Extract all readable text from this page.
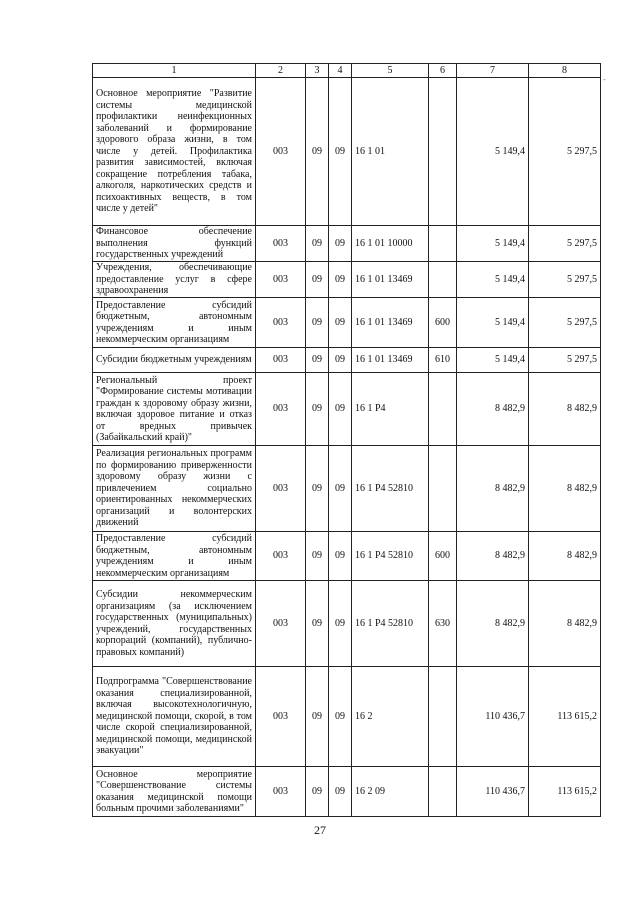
-
1	2	3	4	5	6	7	8
Основное мероприятие "Развитие системы медицинской профилактики неинфекционных заболеваний и формирование здорового образа жизни, в том числе у детей. Профилактика развития зависимостей, включая сокращение потребления табака, алкоголя, наркотических средств и психоактивных веществ, в том числе у детей"	003	09	09	16 1 01		5 149,4	5 297,5
Финансовое обеспечение выполнения функций государственных учреждений	003	09	09	16 1 01 10000		5 149,4	5 297,5
Учреждения, обеспечивающие предоставление услуг в сфере здравоохранения	003	09	09	16 1 01 13469		5 149,4	5 297,5
Предоставление субсидий бюджетным, автономным учреждениям и иным некоммерческим организациям	003	09	09	16 1 01 13469	600	5 149,4	5 297,5
Субсидии бюджетным учреждениям	003	09	09	16 1 01 13469	610	5 149,4	5 297,5
Региональный проект "Формирование системы мотивации граждан к здоровому образу жизни, включая здоровое питание и отказ от вредных привычек (Забайкальский край)"	003	09	09	16 1 Р4		8 482,9	8 482,9
Реализация региональных программ по формированию приверженности здоровому образу жизни с привлечением социально ориентированных некоммерческих организаций и волонтерских движений	003	09	09	16 1 Р4 52810		8 482,9	8 482,9
Предоставление субсидий бюджетным, автономным учреждениям и иным некоммерческим организациям	003	09	09	16 1 Р4 52810	600	8 482,9	8 482,9
Субсидии некоммерческим организациям (за исключением государственных (муниципальных) учреждений, государственных корпораций (компаний), публично-правовых компаний)	003	09	09	16 1 Р4 52810	630	8 482,9	8 482,9
Подпрограмма "Совершенствование оказания специализированной, включая высокотехнологичную, медицинской помощи, скорой, в том числе скорой специализированной, медицинской помощи, медицинской эвакуации"	003	09	09	16 2		110 436,7	113 615,2
Основное мероприятие "Совершенствование системы оказания медицинской помощи больным прочими заболеваниями"	003	09	09	16 2 09		110 436,7	113 615,2
27
